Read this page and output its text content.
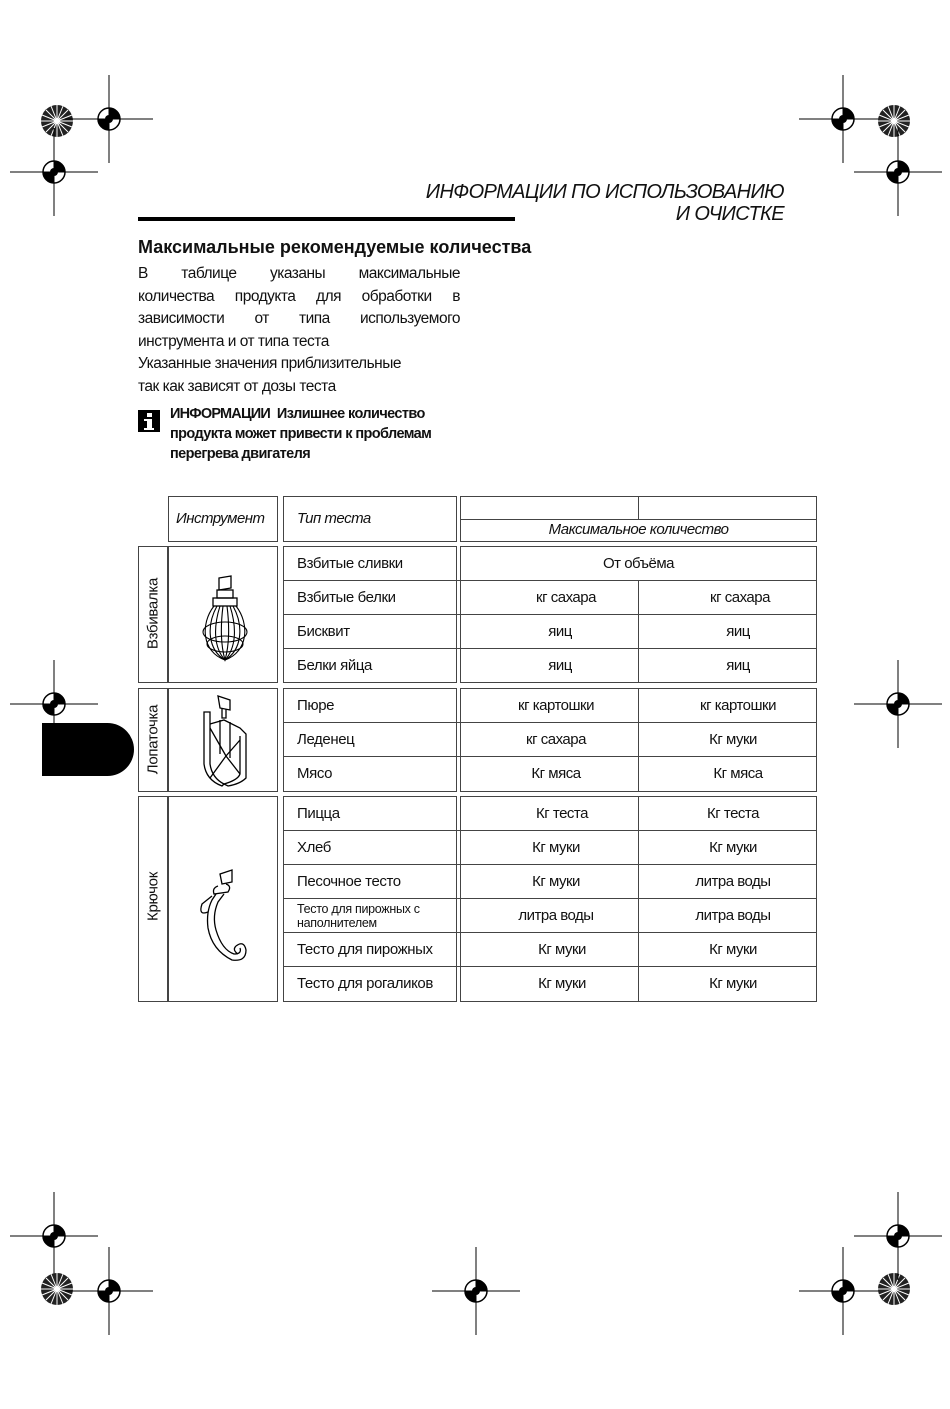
ИНФОРМАЦИИ ПО ИСПОЛЬЗОВАНИЮ
И ОЧИСТКЕ
Максимальные рекомендуемые количества

В таблице указаны максимальные

количества продукта для обработки в

зависимости от типа используемого

инструмента и от типа теста

Указанные значения приблизительные

так как зависят от дозы теста

ИНФОРМАЦИИ Излишнее количество
продукта может привести к проблемам
перегрева двигателя
Инструмент Тип теста
Максимальное количество
Взбивалка
Взбитые сливки	От объёма
Взбитые белки	кг сахара	кг сахара
Бисквит	яиц	яиц
Белки яйца	яиц	яиц
Лопаточка	Пюре	кг картошки	кг картошки
Леденец	кг сахара	Кг муки
Мясо	Кг мяса	Кг мяса
Крючок
Пицца	Кг теста	Кг теста
Хлеб	Кг муки	Кг муки
Песочное тесто	Кг муки	литра воды
Тесто для пирожных с наполнителем	литра воды	литра воды
Тесто для пирожных	Кг муки	Кг муки
Тесто для рогаликов	Кг муки	Кг муки
